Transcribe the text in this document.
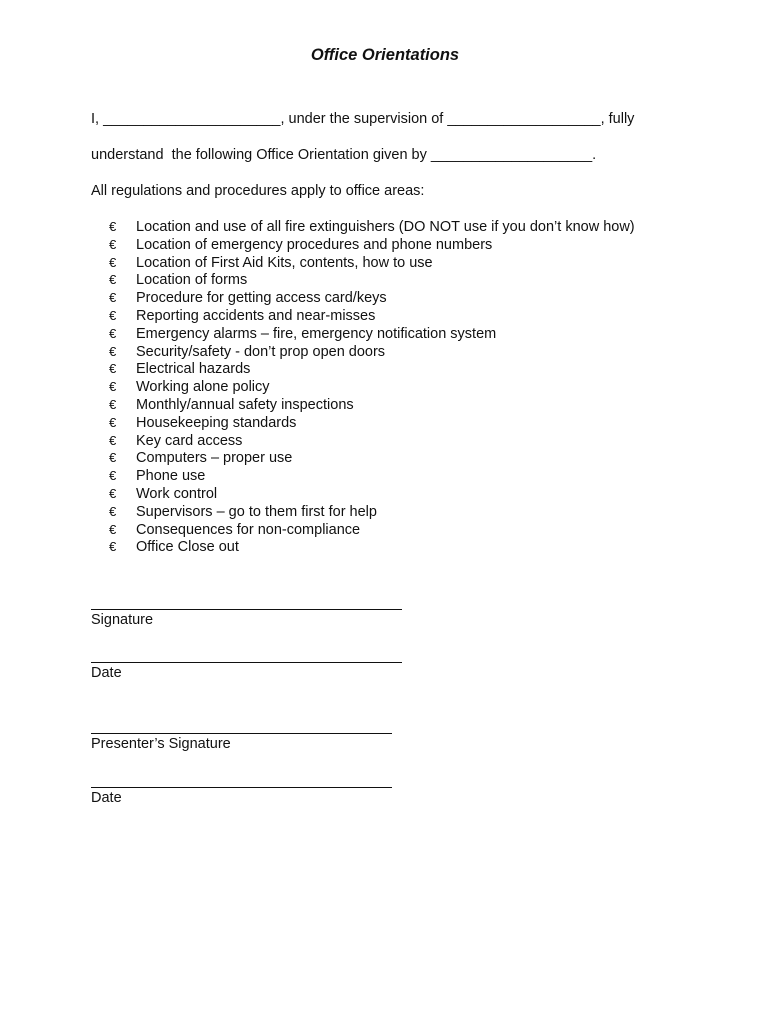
Office Orientations
I, ______________________, under the supervision of ___________________, fully
understand  the following Office Orientation given by ____________________.
All regulations and procedures apply to office areas:
€ Location and use of all fire extinguishers (DO NOT use if you don’t know how)
€ Location of emergency procedures and phone numbers
€ Location of First Aid Kits, contents, how to use
€ Location of forms
€ Procedure for getting access card/keys
€ Reporting accidents and near-misses
€ Emergency alarms – fire, emergency notification system
€ Security/safety - don’t prop open doors
€ Electrical hazards
€ Working alone policy
€ Monthly/annual safety inspections
€ Housekeeping standards
€ Key card access
€ Computers – proper use
€ Phone use
€ Work control
€ Supervisors – go to them first for help
€ Consequences for non-compliance
€ Office Close out
Signature
Date
Presenter’s Signature
Date
